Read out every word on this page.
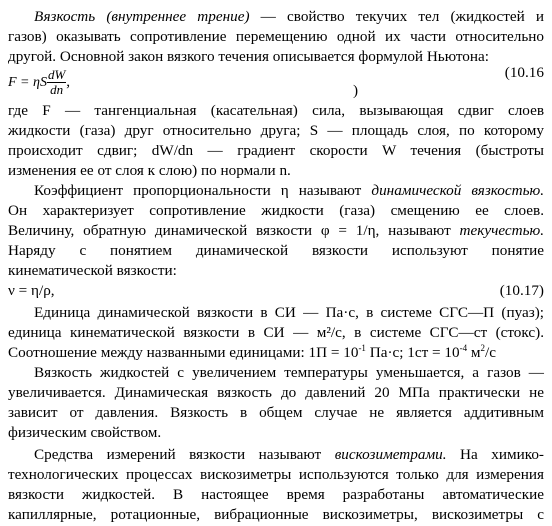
Вязкость (внутреннее трение) — свойство текучих тел (жидкостей и
газов) оказывать сопротивление перемещению одной их части относительно
другой. Основной закон вязкого течения описывается формулой Ньютона:
F = ηS $\frac{dW}{dn}$ ,
(10.16
)
где F — тангенциальная (касательная) сила, вызывающая сдвиг слоев
жидкости (газа) друг относительно друга; S — площадь слоя, по которому
происходит сдвиг; dW/dn — градиент скорости W течения (быстроты
изменения ее от слоя к слою) по нормали n.
Коэффициент пропорциональности η называют динамической вязкостью.
Он характеризует сопротивление жидкости (газа) смещению ее слоев.
Величину, обратную динамической вязкости φ = 1/η, называют текучестью.
Наряду с понятием динамической вязкости используют понятие
кинематической вязкости:
ν = η/ρ,	(10.17)
Единица динамической вязкости в СИ — Па·с, в системе СГС—П (пуаз);
единица кинематической вязкости в СИ — м²/с, в системе СГС—ст (стокс).
Соотношение между названными единицами: $1П = 10^{-1}$ Па·с; $1ст = 10^{-4}$ $м^2/с$
Вязкость жидкостей с увеличением температуры уменьшается, а газов —
увеличивается. Динамическая вязкость до давлений 20 МПа практически не
зависит от давления. Вязкость в общем случае не является аддитивным
физическим свойством.
Средства измерений вязкости называют вискозиметрами. На химико-
технологических процессах вискозиметры используются только для измерения
вязкости жидкостей. В настоящее время разработаны автоматические
капиллярные, ротационные, вибрационные вискозиметры, вискозиметры с
